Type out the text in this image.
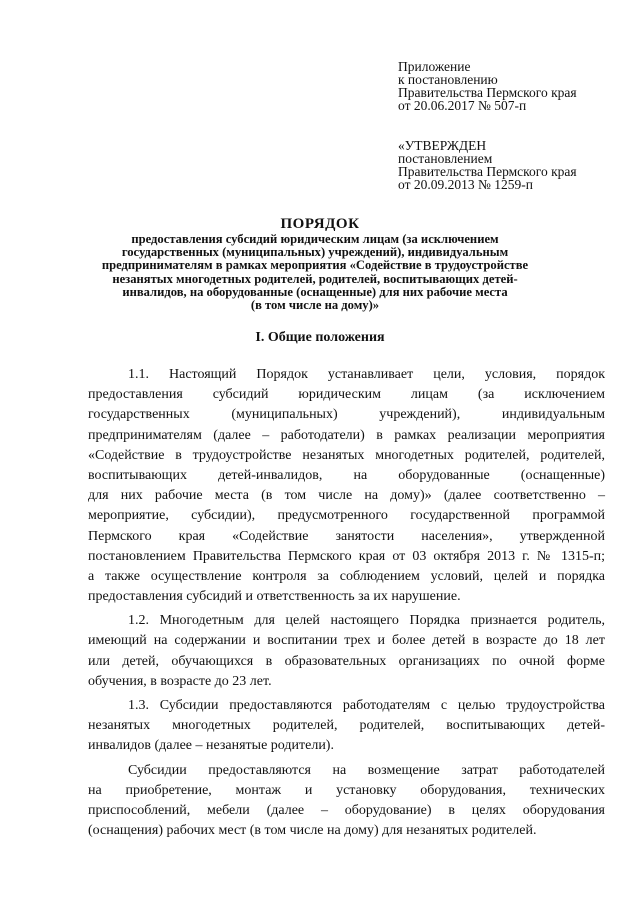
Приложение
к постановлению
Правительства Пермского края
от 20.06.2017 № 507-п
«УТВЕРЖДЕН
постановлением
Правительства Пермского края
от 20.09.2013 № 1259-п
ПОРЯДОК
предоставления субсидий юридическим лицам (за исключением
государственных (муниципальных) учреждений), индивидуальным
предпринимателям в рамках мероприятия «Содействие в трудоустройстве
незанятых многодетных родителей, родителей, воспитывающих детей-
инвалидов, на оборудованные (оснащенные) для них рабочие места
(в том числе на дому)»
I. Общие положения
1.1. Настоящий Порядок устанавливает цели, условия, порядок
предоставления субсидий юридическим лицам (за исключением
государственных (муниципальных) учреждений), индивидуальным
предпринимателям (далее – работодатели) в рамках реализации мероприятия
«Содействие в трудоустройстве незанятых многодетных родителей, родителей,
воспитывающих детей-инвалидов, на оборудованные (оснащенные)
для них рабочие места (в том числе на дому)» (далее соответственно –
мероприятие, субсидии), предусмотренного государственной программой
Пермского края «Содействие занятости населения», утвержденной
постановлением Правительства Пермского края от 03 октября 2013 г. № 1315-п;
а также осуществление контроля за соблюдением условий, целей и порядка
предоставления субсидий и ответственность за их нарушение.
1.2. Многодетным для целей настоящего Порядка признается родитель,
имеющий на содержании и воспитании трех и более детей в возрасте до 18 лет
или детей, обучающихся в образовательных организациях по очной форме
обучения, в возрасте до 23 лет.
1.3. Субсидии предоставляются работодателям с целью трудоустройства
незанятых многодетных родителей, родителей, воспитывающих детей-
инвалидов (далее – незанятые родители).
Субсидии предоставляются на возмещение затрат работодателей
на приобретение, монтаж и установку оборудования, технических
приспособлений, мебели (далее – оборудование) в целях оборудования
(оснащения) рабочих мест (в том числе на дому) для незанятых родителей.
